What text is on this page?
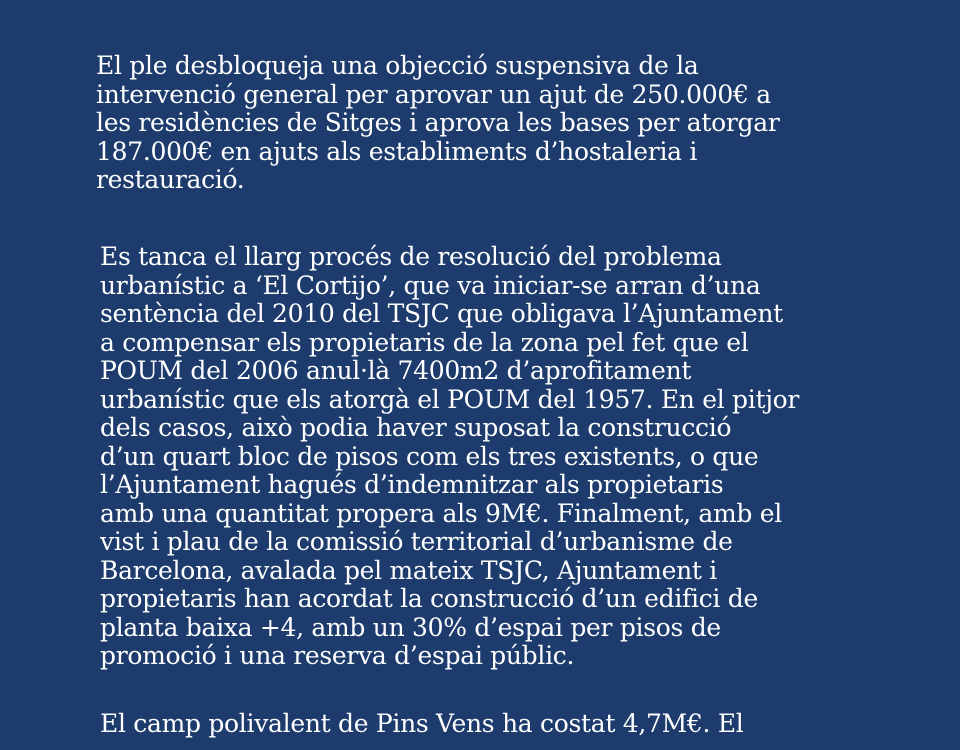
El ple desbloqueja una objecció suspensiva de la
intervenció general per aprovar un ajut de 250.000€ a
les residències de Sitges i aprova les bases per atorgar
187.000€ en ajuts als establiments d’hostaleria i
restauració.

Es tanca el llarg procés de resolució del problema
urbanístic a ‘El Cortijo’, que va iniciar-se arran d’una
sentència del 2010 del TSJC que obligava l’Ajuntament
a compensar els propietaris de la zona pel fet que el
POUM del 2006 anul·là 7400m2 d’aprofitament
urbanístic que els atorgà el POUM del 1957. En el pitjor
dels casos, això podia haver suposat la construcció
d’un quart bloc de pisos com els tres existents, o que
l’Ajuntament hagués d’indemnitzar als propietaris
amb una quantitat propera als 9M€. Finalment, amb el
vist i plau de la comissió territorial d’urbanisme de
Barcelona, avalada pel mateix TSJC, Ajuntament i
propietaris han acordat la construcció d’un edifici de
planta baixa +4, amb un 30% d’espai per pisos de
promoció i una reserva d’espai públic.

El camp polivalent de Pins Vens ha costat 4,7M€. El
